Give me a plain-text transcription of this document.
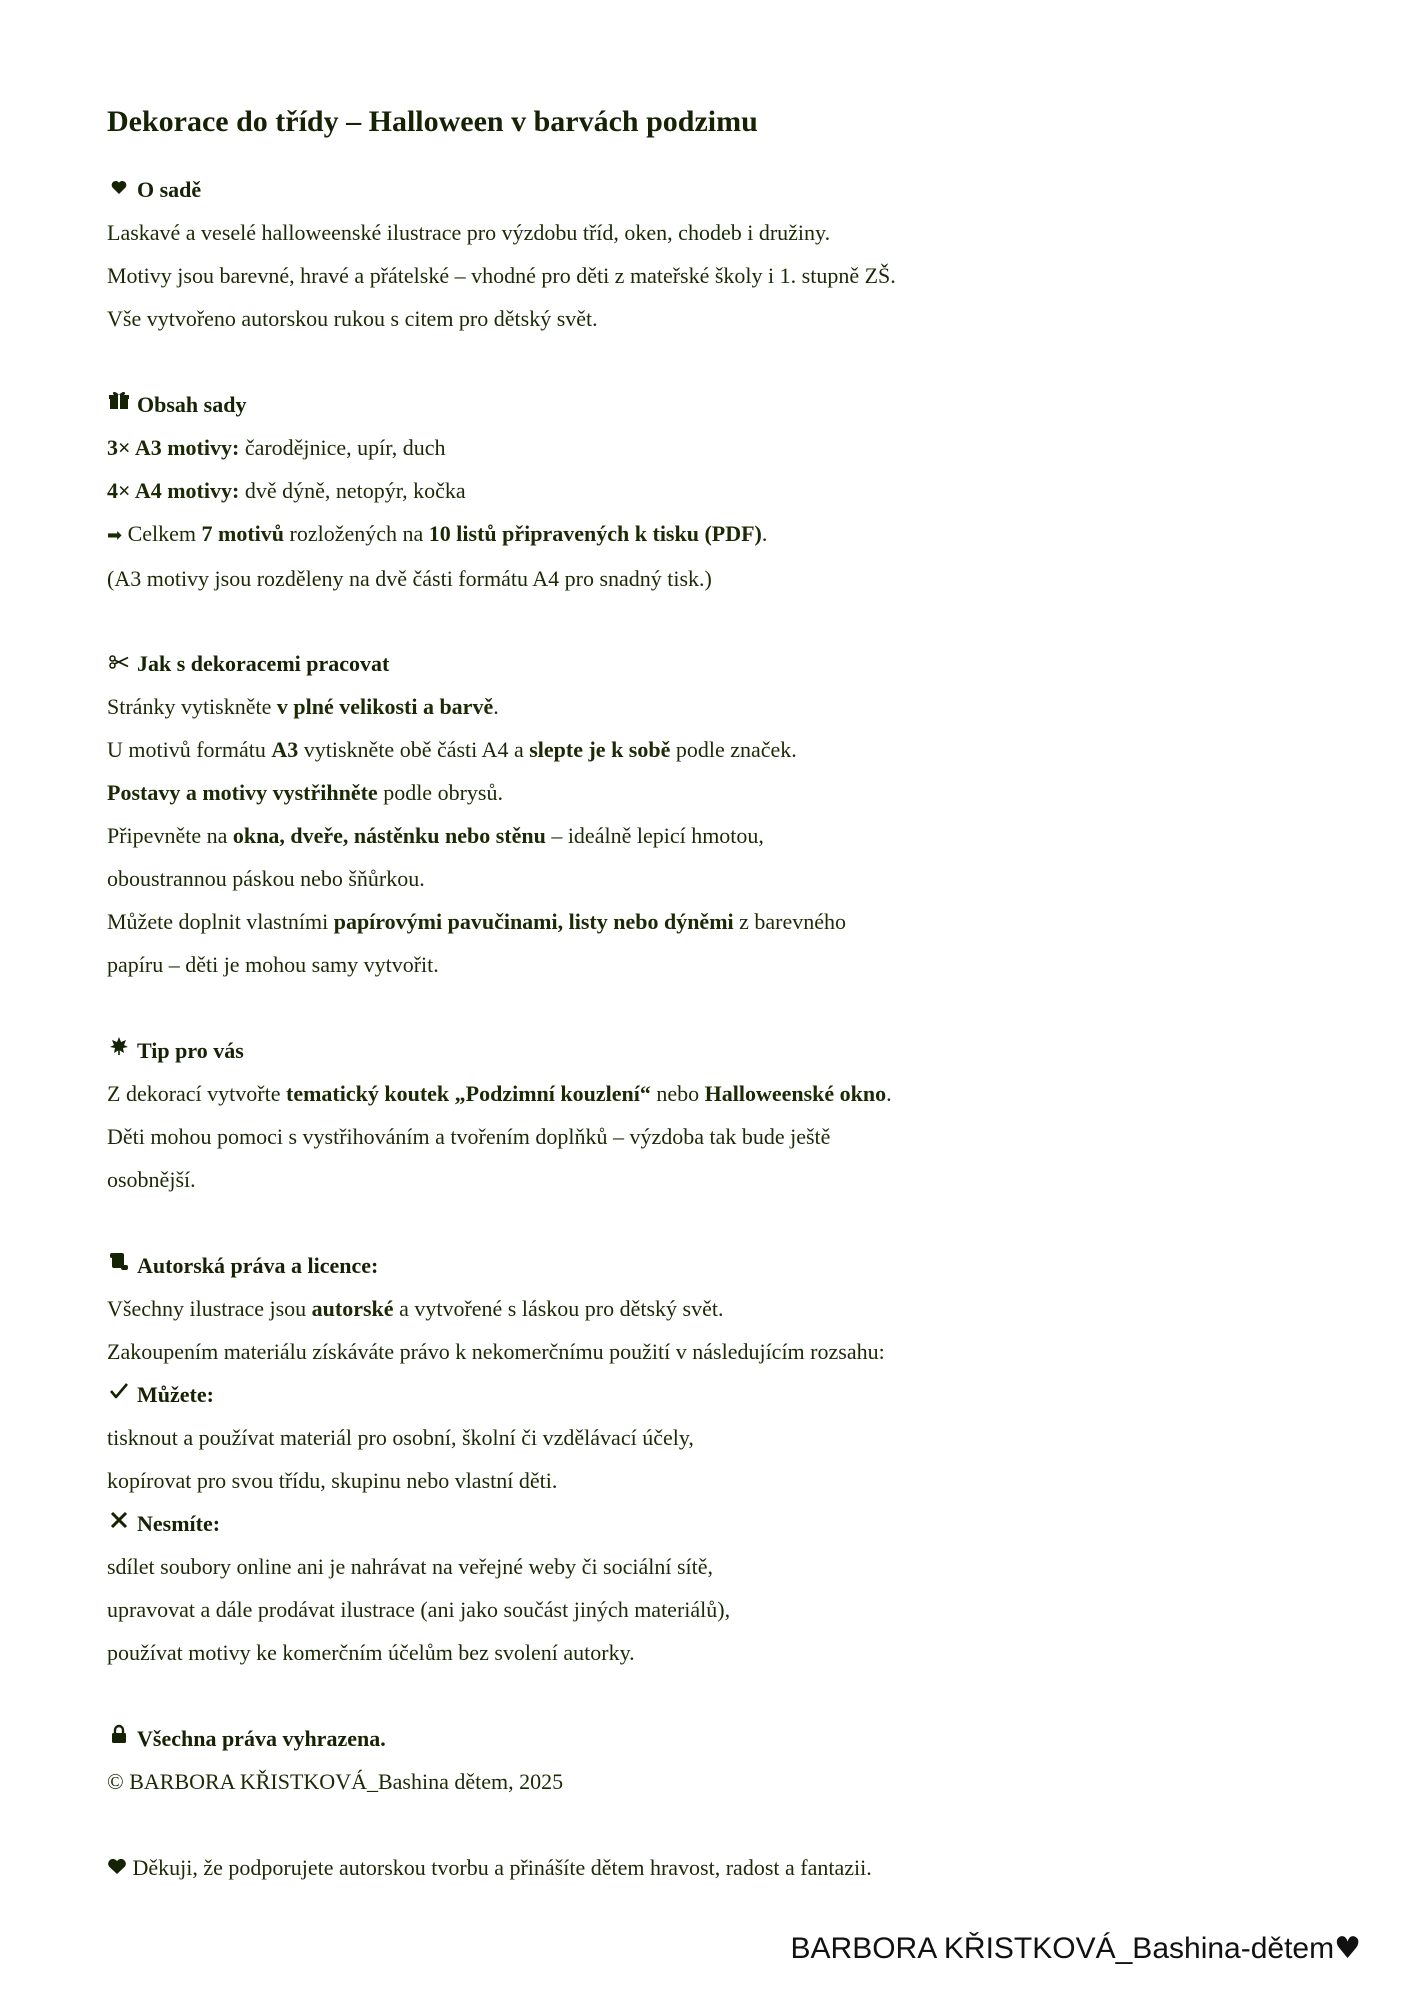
Dekorace do třídy – Halloween v barvách podzimu
O sadě
Laskavé a veselé halloweenské ilustrace pro výzdobu tříd, oken, chodeb i družiny.
Motivy jsou barevné, hravé a přátelské – vhodné pro děti z mateřské školy i 1. stupně ZŠ.
Vše vytvořeno autorskou rukou s citem pro dětský svět.
Obsah sady
3× A3 motivy: čarodějnice, upír, duch
4× A4 motivy: dvě dýně, netopýr, kočka
➡ Celkem 7 motivů rozložených na 10 listů připravených k tisku (PDF).
(A3 motivy jsou rozděleny na dvě části formátu A4 pro snadný tisk.)
Jak s dekoracemi pracovat
Stránky vytiskněte v plné velikosti a barvě.
U motivů formátu A3 vytiskněte obě části A4 a slepte je k sobě podle značek.
Postavy a motivy vystřihněte podle obrysů.
Připevněte na okna, dveře, nástěnku nebo stěnu – ideálně lepicí hmotou,
oboustrannou páskou nebo šňůrkou.
Můžete doplnit vlastními papírovými pavučinami, listy nebo dýněmi z barevného
papíru – děti je mohou samy vytvořit.
Tip pro vás
Z dekorací vytvořte tematický koutek „Podzimní kouzlení“ nebo Halloweenské okno.
Děti mohou pomoci s vystřihováním a tvořením doplňků – výzdoba tak bude ještě
osobnější.
Autorská práva a licence:
Všechny ilustrace jsou autorské a vytvořené s láskou pro dětský svět.
Zakoupením materiálu získáváte právo k nekomerčnímu použití v následujícím rozsahu:
Můžete:
tisknout a používat materiál pro osobní, školní či vzdělávací účely,
kopírovat pro svou třídu, skupinu nebo vlastní děti.
Nesmíte:
sdílet soubory online ani je nahrávat na veřejné weby či sociální sítě,
upravovat a dále prodávat ilustrace (ani jako součást jiných materiálů),
používat motivy ke komerčním účelům bez svolení autorky.
Všechna práva vyhrazena.
© BARBORA KŘISTKOVÁ_Bashina dětem, 2025
Děkuji, že podporujete autorskou tvorbu a přinášíte dětem hravost, radost a fantazii.
BARBORA KŘISTKOVÁ_Bashina-dětem♥
